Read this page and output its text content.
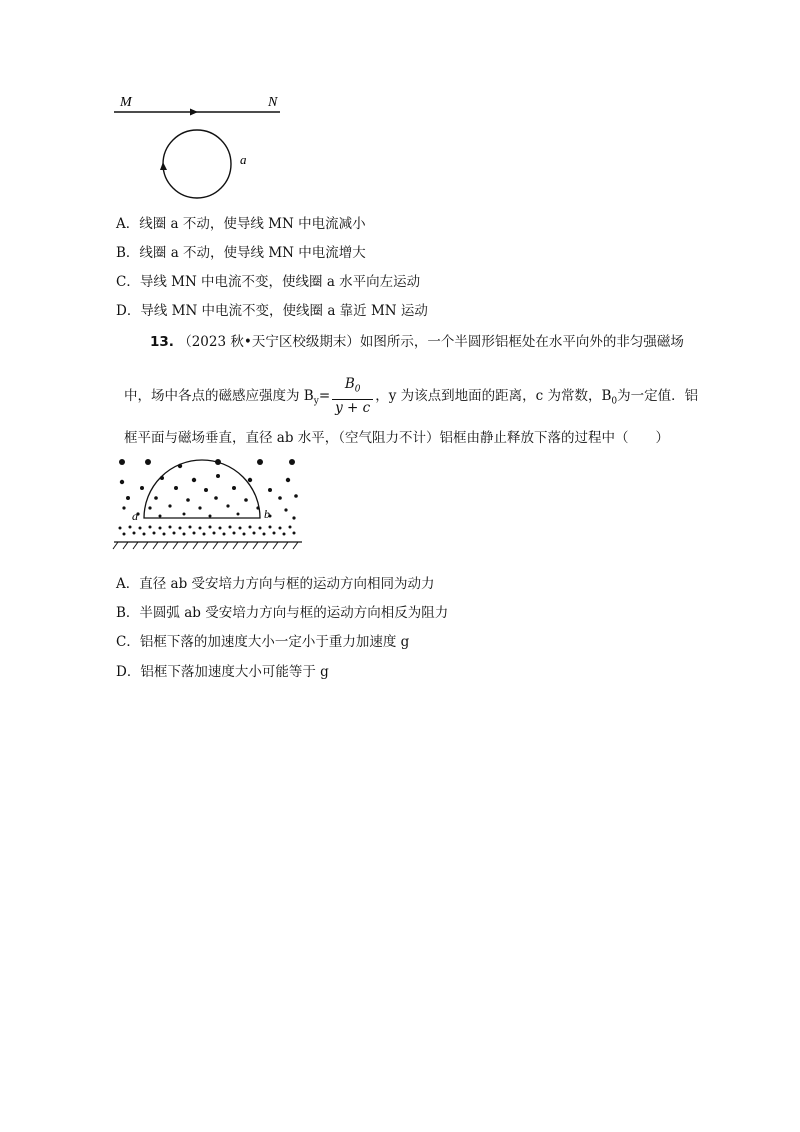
M	N
a
A．线圈 a 不动，使导线 MN 中电流减小
B．线圈 a 不动，使导线 MN 中电流增大
C．导线 MN 中电流不变，使线圈 a 水平向左运动
D．导线 MN 中电流不变，使线圈 a 靠近 MN 运动
13. （2023 秋•天宁区校级期末）如图所示，一个半圆形铝框处在水平向外的非匀强磁场
中，场中各点的磁感应强度为 $B_y= \frac{B_0}{y + c}$ ，y 为该点到地面的距离，c 为常数，$B_0$为一定值．铝
框平面与磁场垂直，直径 ab 水平，（空气阻力不计）铝框由静止释放下落的过程中（　　）
a	b
A．直径 ab 受安培力方向与框的运动方向相同为动力
B．半圆弧 ab 受安培力方向与框的运动方向相反为阻力
C．铝框下落的加速度大小一定小于重力加速度 g
D．铝框下落加速度大小可能等于 g
